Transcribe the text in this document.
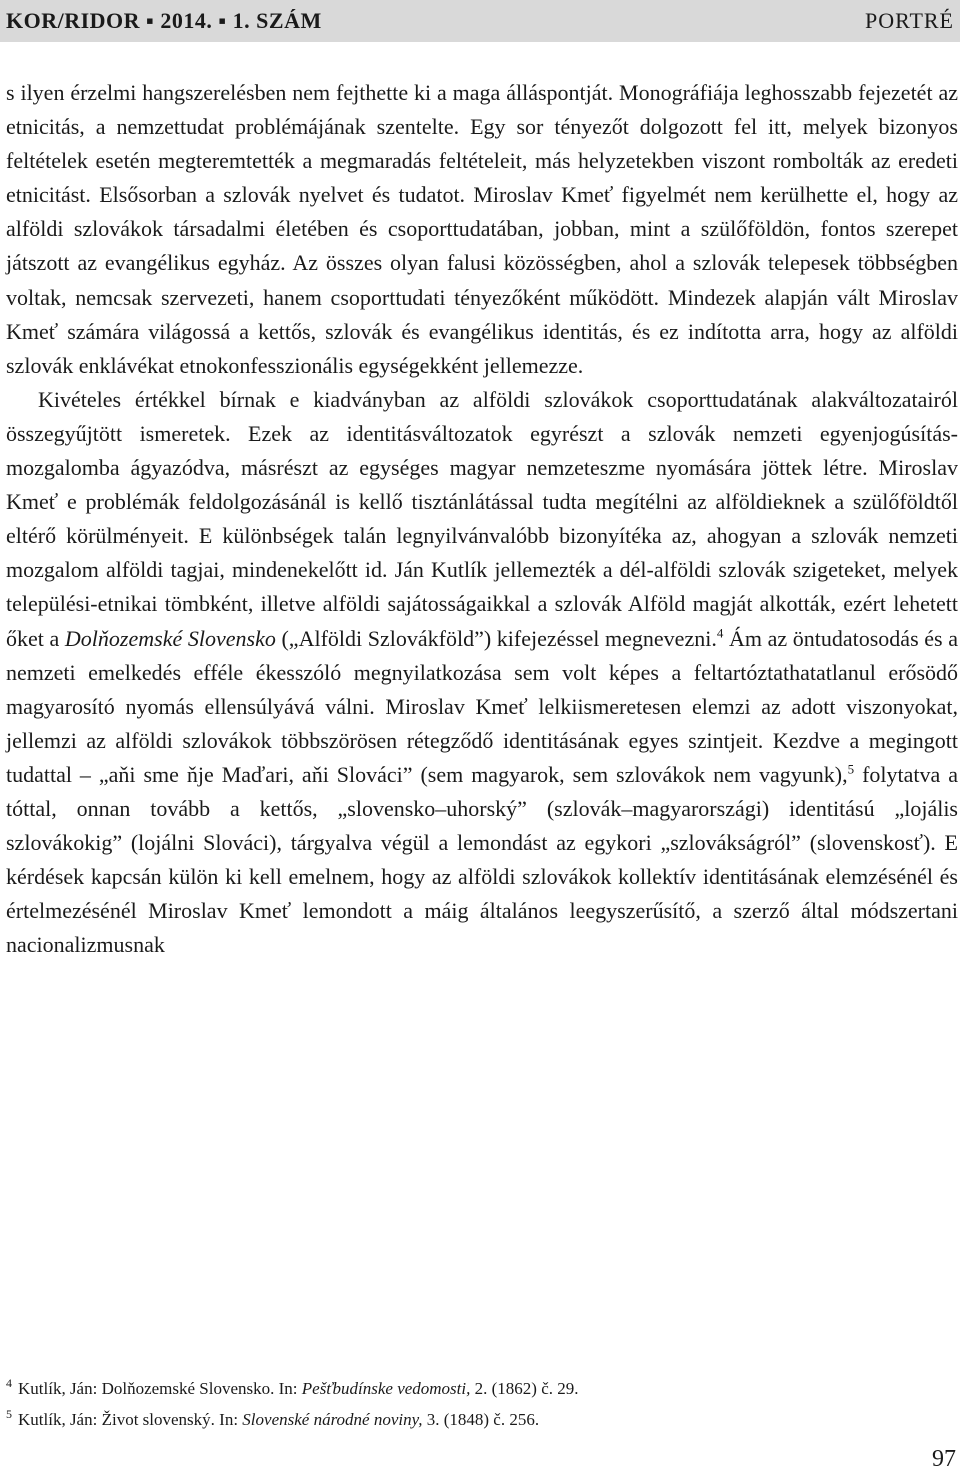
KOR/RIDOR ▪ 2014. ▪ 1. SZÁM	PORTRÉ

s ilyen érzelmi hangszerelésben nem fejthette ki a maga álláspontját. Monográfiája leghosszabb fejezetét az etnicitás, a nemzettudat problémájának szentelte. Egy sor tényezőt dolgozott fel itt, melyek bizonyos feltételek esetén megteremtették a megmaradás feltételeit, más helyzetekben viszont rombolták az eredeti etnicitást. Elsősorban a szlovák nyelvet és tudatot. Miroslav Kmeť figyelmét nem kerülhette el, hogy az alföldi szlovákok társadalmi életében és csoporttudatában, jobban, mint a szülőföldön, fontos szerepet játszott az evangélikus egyház. Az összes olyan falusi közösségben, ahol a szlovák telepesek többségben voltak, nemcsak szervezeti, hanem csoporttudati tényezőként működött. Mindezek alapján vált Miroslav Kmeť számára világossá a kettős, szlovák és evangélikus identitás, és ez indította arra, hogy az alföldi szlovák enklávékat etnokonfesszionális egységekként jellemezze.

Kivételes értékkel bírnak e kiadványban az alföldi szlovákok csoporttudatának alakváltozatairól összegyűjtött ismeretek. Ezek az identitásváltozatok egyrészt a szlovák nemzeti egyenjogúsítás-mozgalomba ágyazódva, másrészt az egységes magyar nemzeteszme nyomására jöttek létre. Miroslav Kmeť e problémák feldolgozásánál is kellő tisztánlátással tudta megítélni az alföldieknek a szülőföldtől eltérő körülményeit. E különbségek talán legnyilvánvalóbb bizonyítéka az, ahogyan a szlovák nemzeti mozgalom alföldi tagjai, mindenekelőtt id. Ján Kutlík jellemezték a dél-alföldi szlovák szigeteket, melyek települési-etnikai tömbként, illetve alföldi sajátosságaikkal a szlovák Alföld magját alkották, ezért lehetett őket a Dolňozemské Slovensko („Alföldi Szlovákföld”) kifejezéssel megnevezni.$^4$ Ám az öntudatosodás és a nemzeti emelkedés efféle ékesszóló megnyilatkozása sem volt képes a feltartóztathatatlanul erősödő magyarosító nyomás ellensúlyává válni. Miroslav Kmeť lelkiismeretesen elemzi az adott viszonyokat, jellemzi az alföldi szlovákok többszörösen rétegződő identitásának egyes szintjeit. Kezdve a megingott tudattal – „aňi sme ňje Maďari, aňi Slováci” (sem magyarok, sem szlovákok nem vagyunk),$^5$ folytatva a tóttal, onnan tovább a kettős, „slovensko–uhorský” (szlovák–magyarországi) identitású „lojális szlovákokig” (lojálni Slováci), tárgyalva végül a lemondást az egykori „szlovákságról” (slovenskosť). E kérdések kapcsán külön ki kell emelnem, hogy az alföldi szlovákok kollektív identitásának elemzésénél és értelmezésénél Miroslav Kmeť lemondott a máig általános leegyszerűsítő, a szerző által módszertani nacionalizmusnak

$^4$ Kutlík, Ján: Dolňozemské Slovensko. In: Pešťbudínske vedomosti, 2. (1862) č. 29.
$^5$ Kutlík, Ján: Život slovenský. In: Slovenské národné noviny, 3. (1848) č. 256.
97
